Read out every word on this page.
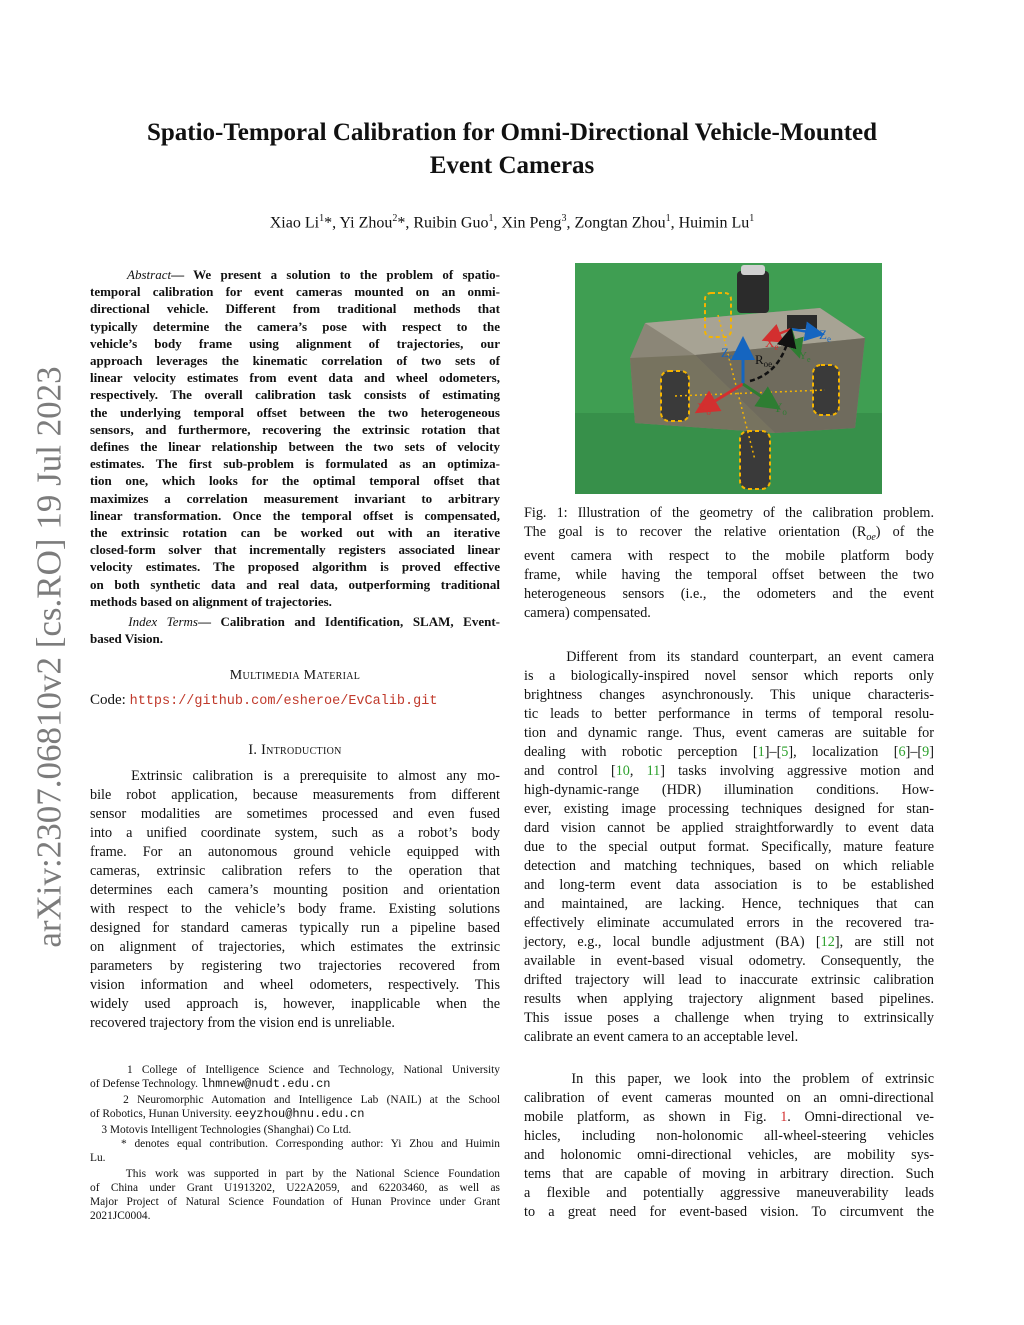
arXiv:2307.06810v2 [cs.RO] 19 Jul 2023
Spatio-Temporal Calibration for Omni-Directional Vehicle-Mounted
Event Cameras
Xiao Li$^1$*, Yi Zhou$^2$*, Ruibin Guo$^1$, Xin Peng$^3$, Zongtan Zhou$^1$, Huimin Lu$^1$
Abstract— We present a solution to the problem of spatio-
temporal calibration for event cameras mounted on an onmi-
directional vehicle. Different from traditional methods that
typically determine the camera’s pose with respect to the
vehicle’s body frame using alignment of trajectories, our
approach leverages the kinematic correlation of two sets of
linear velocity estimates from event data and wheel odometers,
respectively. The overall calibration task consists of estimating
the underlying temporal offset between the two heterogeneous
sensors, and furthermore, recovering the extrinsic rotation that
defines the linear relationship between the two sets of velocity
estimates. The first sub-problem is formulated as an optimiza-
tion one, which looks for the optimal temporal offset that
maximizes a correlation measurement invariant to arbitrary
linear transformation. Once the temporal offset is compensated,
the extrinsic rotation can be worked out with an iterative
closed-form solver that incrementally registers associated linear
velocity estimates. The proposed algorithm is proved effective
on both synthetic data and real data, outperforming traditional
methods based on alignment of trajectories.
Index Terms— Calibration and Identification, SLAM, Event-
based Vision.
Multimedia Material
Code: https://github.com/esheroe/EvCalib.git
I. Introduction
Extrinsic calibration is a prerequisite to almost any mo-
bile robot application, because measurements from different
sensor modalities are sometimes processed and even fused
into a unified coordinate system, such as a robot’s body
frame. For an autonomous ground vehicle equipped with
cameras, extrinsic calibration refers to the operation that
determines each camera’s mounting position and orientation
with respect to the vehicle’s body frame. Existing solutions
designed for standard cameras typically run a pipeline based
on alignment of trajectories, which estimates the extrinsic
parameters by registering two trajectories recovered from
vision information and wheel odometers, respectively. This
widely used approach is, however, inapplicable when the
recovered trajectory from the vision end is unreliable.
1 College of Intelligence Science and Technology, National University
of Defense Technology. lhmnew@nudt.edu.cn
2 Neuromorphic Automation and Intelligence Lab (NAIL) at the School
of Robotics, Hunan University. eeyzhou@hnu.edu.cn
3 Motovis Intelligent Technologies (Shanghai) Co Ltd.
* denotes equal contribution. Corresponding author: Yi Zhou and Huimin
Lu.
This work was supported in part by the National Science Foundation
of China under Grant U1913202, U22A2059, and 62203460, as well as
Major Project of Natural Science Foundation of Hunan Province under Grant
2021JC0004.
$Z_c$
$X_e$
$Z_e$
$R_{oe}$
$Y_e$
$X_o$	$Y_o$
Fig. 1: Illustration of the geometry of the calibration problem.
The goal is to recover the relative orientation $(R_{oe})$ of the
event camera with respect to the mobile platform body
frame, while having the temporal offset between the two
heterogeneous sensors (i.e., the odometers and the event
camera) compensated.
Different from its standard counterpart, an event camera
is a biologically-inspired novel sensor which reports only
brightness changes asynchronously. This unique characteris-
tic leads to better performance in terms of temporal resolu-
tion and dynamic range. Thus, event cameras are suitable for
dealing with robotic perception [1]–[5], localization [6]–[9]
and control [10, 11] tasks involving aggressive motion and
high-dynamic-range (HDR) illumination conditions. How-
ever, existing image processing techniques designed for stan-
dard vision cannot be applied straightforwardly to event data
due to the special output format. Specifically, mature feature
detection and matching techniques, based on which reliable
and long-term event data association is to be established
and maintained, are lacking. Hence, techniques that can
effectively eliminate accumulated errors in the recovered tra-
jectory, e.g., local bundle adjustment (BA) [12], are still not
available in event-based visual odometry. Consequently, the
drifted trajectory will lead to inaccurate extrinsic calibration
results when applying trajectory alignment based pipelines.
This issue poses a challenge when trying to extrinsically
calibrate an event camera to an acceptable level.
In this paper, we look into the problem of extrinsic
calibration of event cameras mounted on an omni-directional
mobile platform, as shown in Fig. 1. Omni-directional ve-
hicles, including non-holonomic all-wheel-steering vehicles
and holonomic omni-directional vehicles, are mobility sys-
tems that are capable of moving in arbitrary direction. Such
a flexible and potentially aggressive maneuverability leads
to a great need for event-based vision. To circumvent the
